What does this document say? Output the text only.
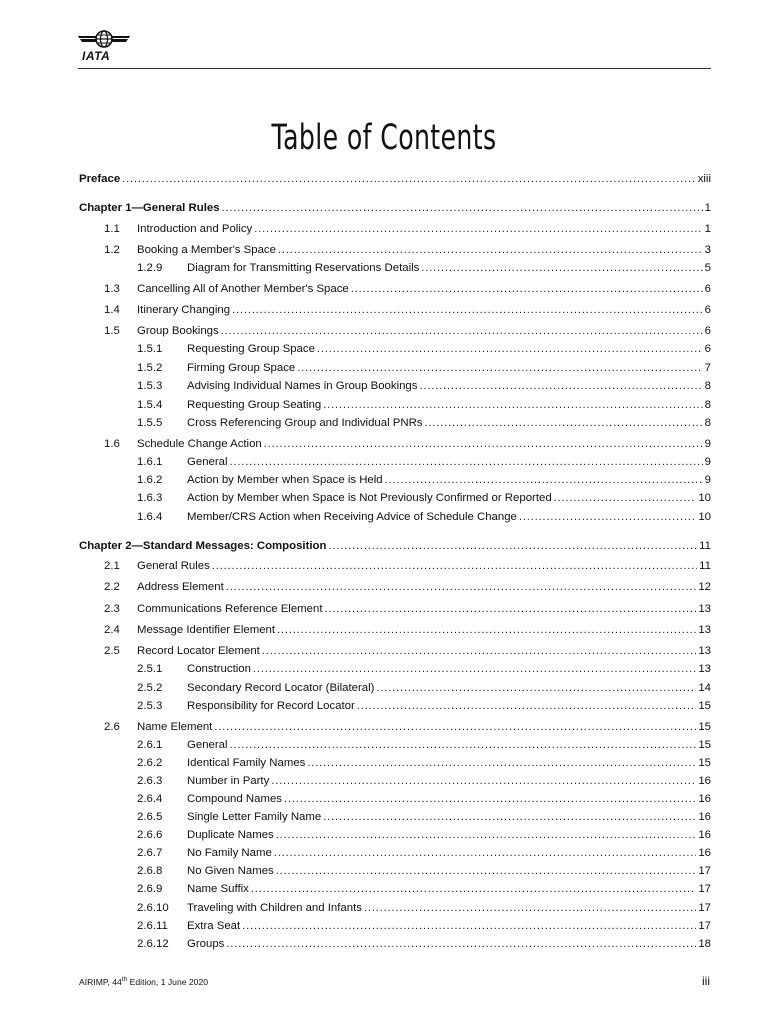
IATA
Table of Contents
Preface . . .	xiii
Chapter 1—General Rules . . .	1
1.1 Introduction and Policy . . .	1
1.2 Booking a Member's Space . . .	3
1.2.9 Diagram for Transmitting Reservations Details . . .	5
1.3 Cancelling All of Another Member's Space . . .	6
1.4 Itinerary Changing . . .	6
1.5 Group Bookings . . .	6
1.5.1 Requesting Group Space . . .	6
1.5.2 Firming Group Space . . .	7
1.5.3 Advising Individual Names in Group Bookings . . .	8
1.5.4 Requesting Group Seating . . .	8
1.5.5 Cross Referencing Group and Individual PNRs . . .	8
1.6 Schedule Change Action . . .	9
1.6.1 General . . .	9
1.6.2 Action by Member when Space is Held . . .	9
1.6.3 Action by Member when Space is Not Previously Confirmed or Reported . . .	10
1.6.4 Member/CRS Action when Receiving Advice of Schedule Change . . .	10
Chapter 2—Standard Messages: Composition . . .	11
2.1 General Rules . . .	11
2.2 Address Element . . .	12
2.3 Communications Reference Element . . .	13
2.4 Message Identifier Element . . .	13
2.5 Record Locator Element . . .	13
2.5.1 Construction . . .	13
2.5.2 Secondary Record Locator (Bilateral) . . .	14
2.5.3 Responsibility for Record Locator . . .	15
2.6 Name Element . . .	15
2.6.1 General . . .	15
2.6.2 Identical Family Names . . .	15
2.6.3 Number in Party . . .	16
2.6.4 Compound Names . . .	16
2.6.5 Single Letter Family Name . . .	16
2.6.6 Duplicate Names . . .	16
2.6.7 No Family Name . . .	16
2.6.8 No Given Names . . .	17
2.6.9 Name Suffix . . .	17
2.6.10 Traveling with Children and Infants . . .	17
2.6.11 Extra Seat . . .	17
2.6.12 Groups . . .	18
AIRIMP, 44th Edition, 1 June 2020	iii
